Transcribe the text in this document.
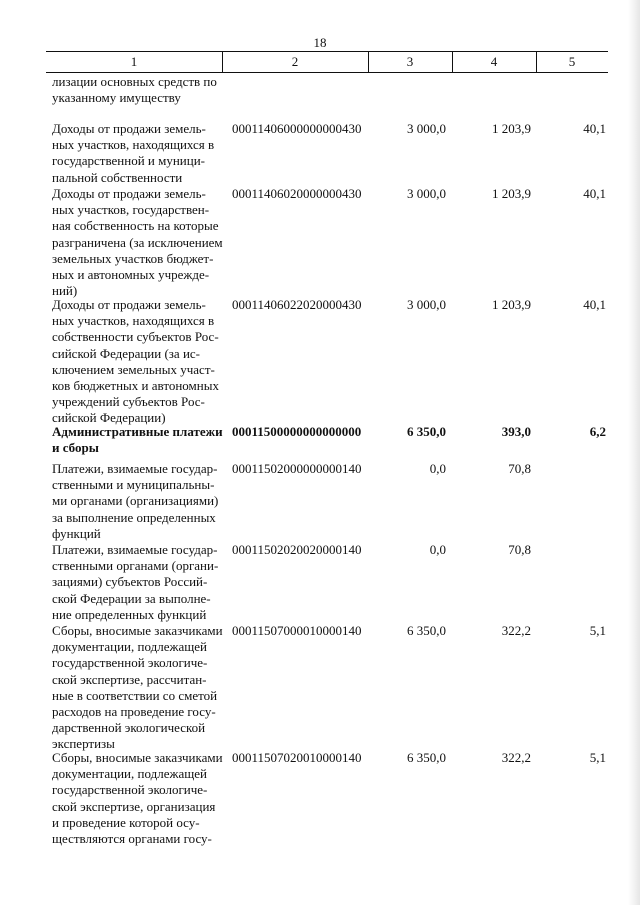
18
1	2	3	4	5
лизации основных средств по
указанному имуществу
Доходы от продажи земель-
ных участков, находящихся в
государственной и муници-
пальной собственности
00011406000000000430	3 000,0	1 203,9	40,1
Доходы от продажи земель-
ных участков, государствен-
ная собственность на которые
разграничена (за исключением
земельных участков бюджет-
ных и автономных учрежде-
ний)
00011406020000000430	3 000,0	1 203,9	40,1
Доходы от продажи земель-
ных участков, находящихся в
собственности субъектов Рос-
сийской Федерации (за ис-
ключением земельных участ-
ков бюджетных и автономных
учреждений субъектов Рос-
сийской Федерации)
00011406022020000430	3 000,0	1 203,9	40,1
Административные платежи
и сборы
00011500000000000000	6 350,0	393,0	6,2
Платежи, взимаемые государ-
ственными и муниципальны-
ми органами (организациями)
за выполнение определенных
функций
00011502000000000140	0,0	70,8
Платежи, взимаемые государ-
ственными органами (органи-
зациями) субъектов Россий-
ской Федерации за выполне-
ние определенных функций
00011502020020000140	0,0	70,8
Сборы, вносимые заказчиками
документации, подлежащей
государственной экологиче-
ской экспертизе, рассчитан-
ные в соответствии со сметой
расходов на проведение госу-
дарственной экологической
экспертизы
00011507000010000140	6 350,0	322,2	5,1
Сборы, вносимые заказчиками
документации, подлежащей
государственной экологиче-
ской экспертизе, организация
и проведение которой осу-
ществляются органами госу-
00011507020010000140	6 350,0	322,2	5,1
